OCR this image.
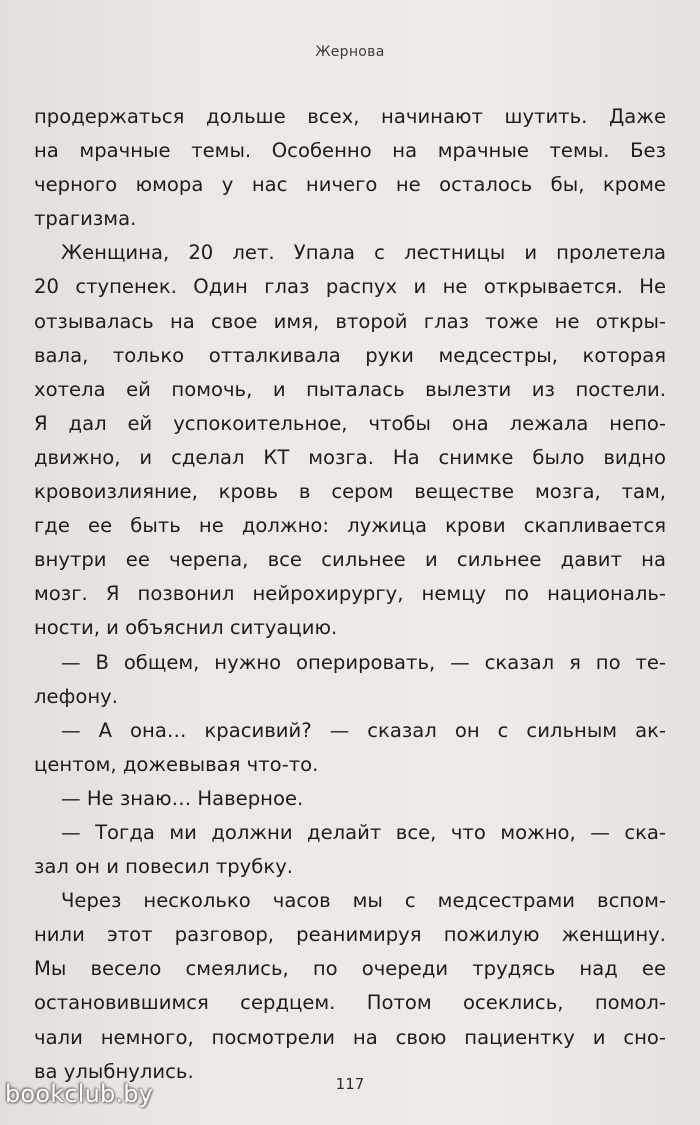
Жернова
продержаться дольше всех, начинают шутить. Даже
на мрачные темы. Особенно на мрачные темы. Без
черного юмора у нас ничего не осталось бы, кроме
трагизма.
Женщина, 20 лет. Упала с лестницы и пролетела
20 ступенек. Один глаз распух и не открывается. Не
отзывалась на свое имя, второй глаз тоже не откры-
вала, только отталкивала руки медсестры, которая
хотела ей помочь, и пыталась вылезти из постели.
Я дал ей успокоительное, чтобы она лежала непо-
движно, и сделал КТ мозга. На снимке было видно
кровоизлияние, кровь в сером веществе мозга, там,
где ее быть не должно: лужица крови скапливается
внутри ее черепа, все сильнее и сильнее давит на
мозг. Я позвонил нейрохирургу, немцу по националь-
ности, и объяснил ситуацию.
— В общем, нужно оперировать, — сказал я по те-
лефону.
— А она… красивий? — сказал он с сильным ак-
центом, дожевывая что-то.
— Не знаю… Наверное.
— Тогда ми должни делайт все, что можно, — ска-
зал он и повесил трубку.
Через несколько часов мы с медсестрами вспом-
нили этот разговор, реанимируя пожилую женщину.
Мы весело смеялись, по очереди трудясь над ее
остановившимся сердцем. Потом осеклись, помол-
чали немного, посмотрели на свою пациентку и сно-
ва улыбнулись.
117
bookclub.by
